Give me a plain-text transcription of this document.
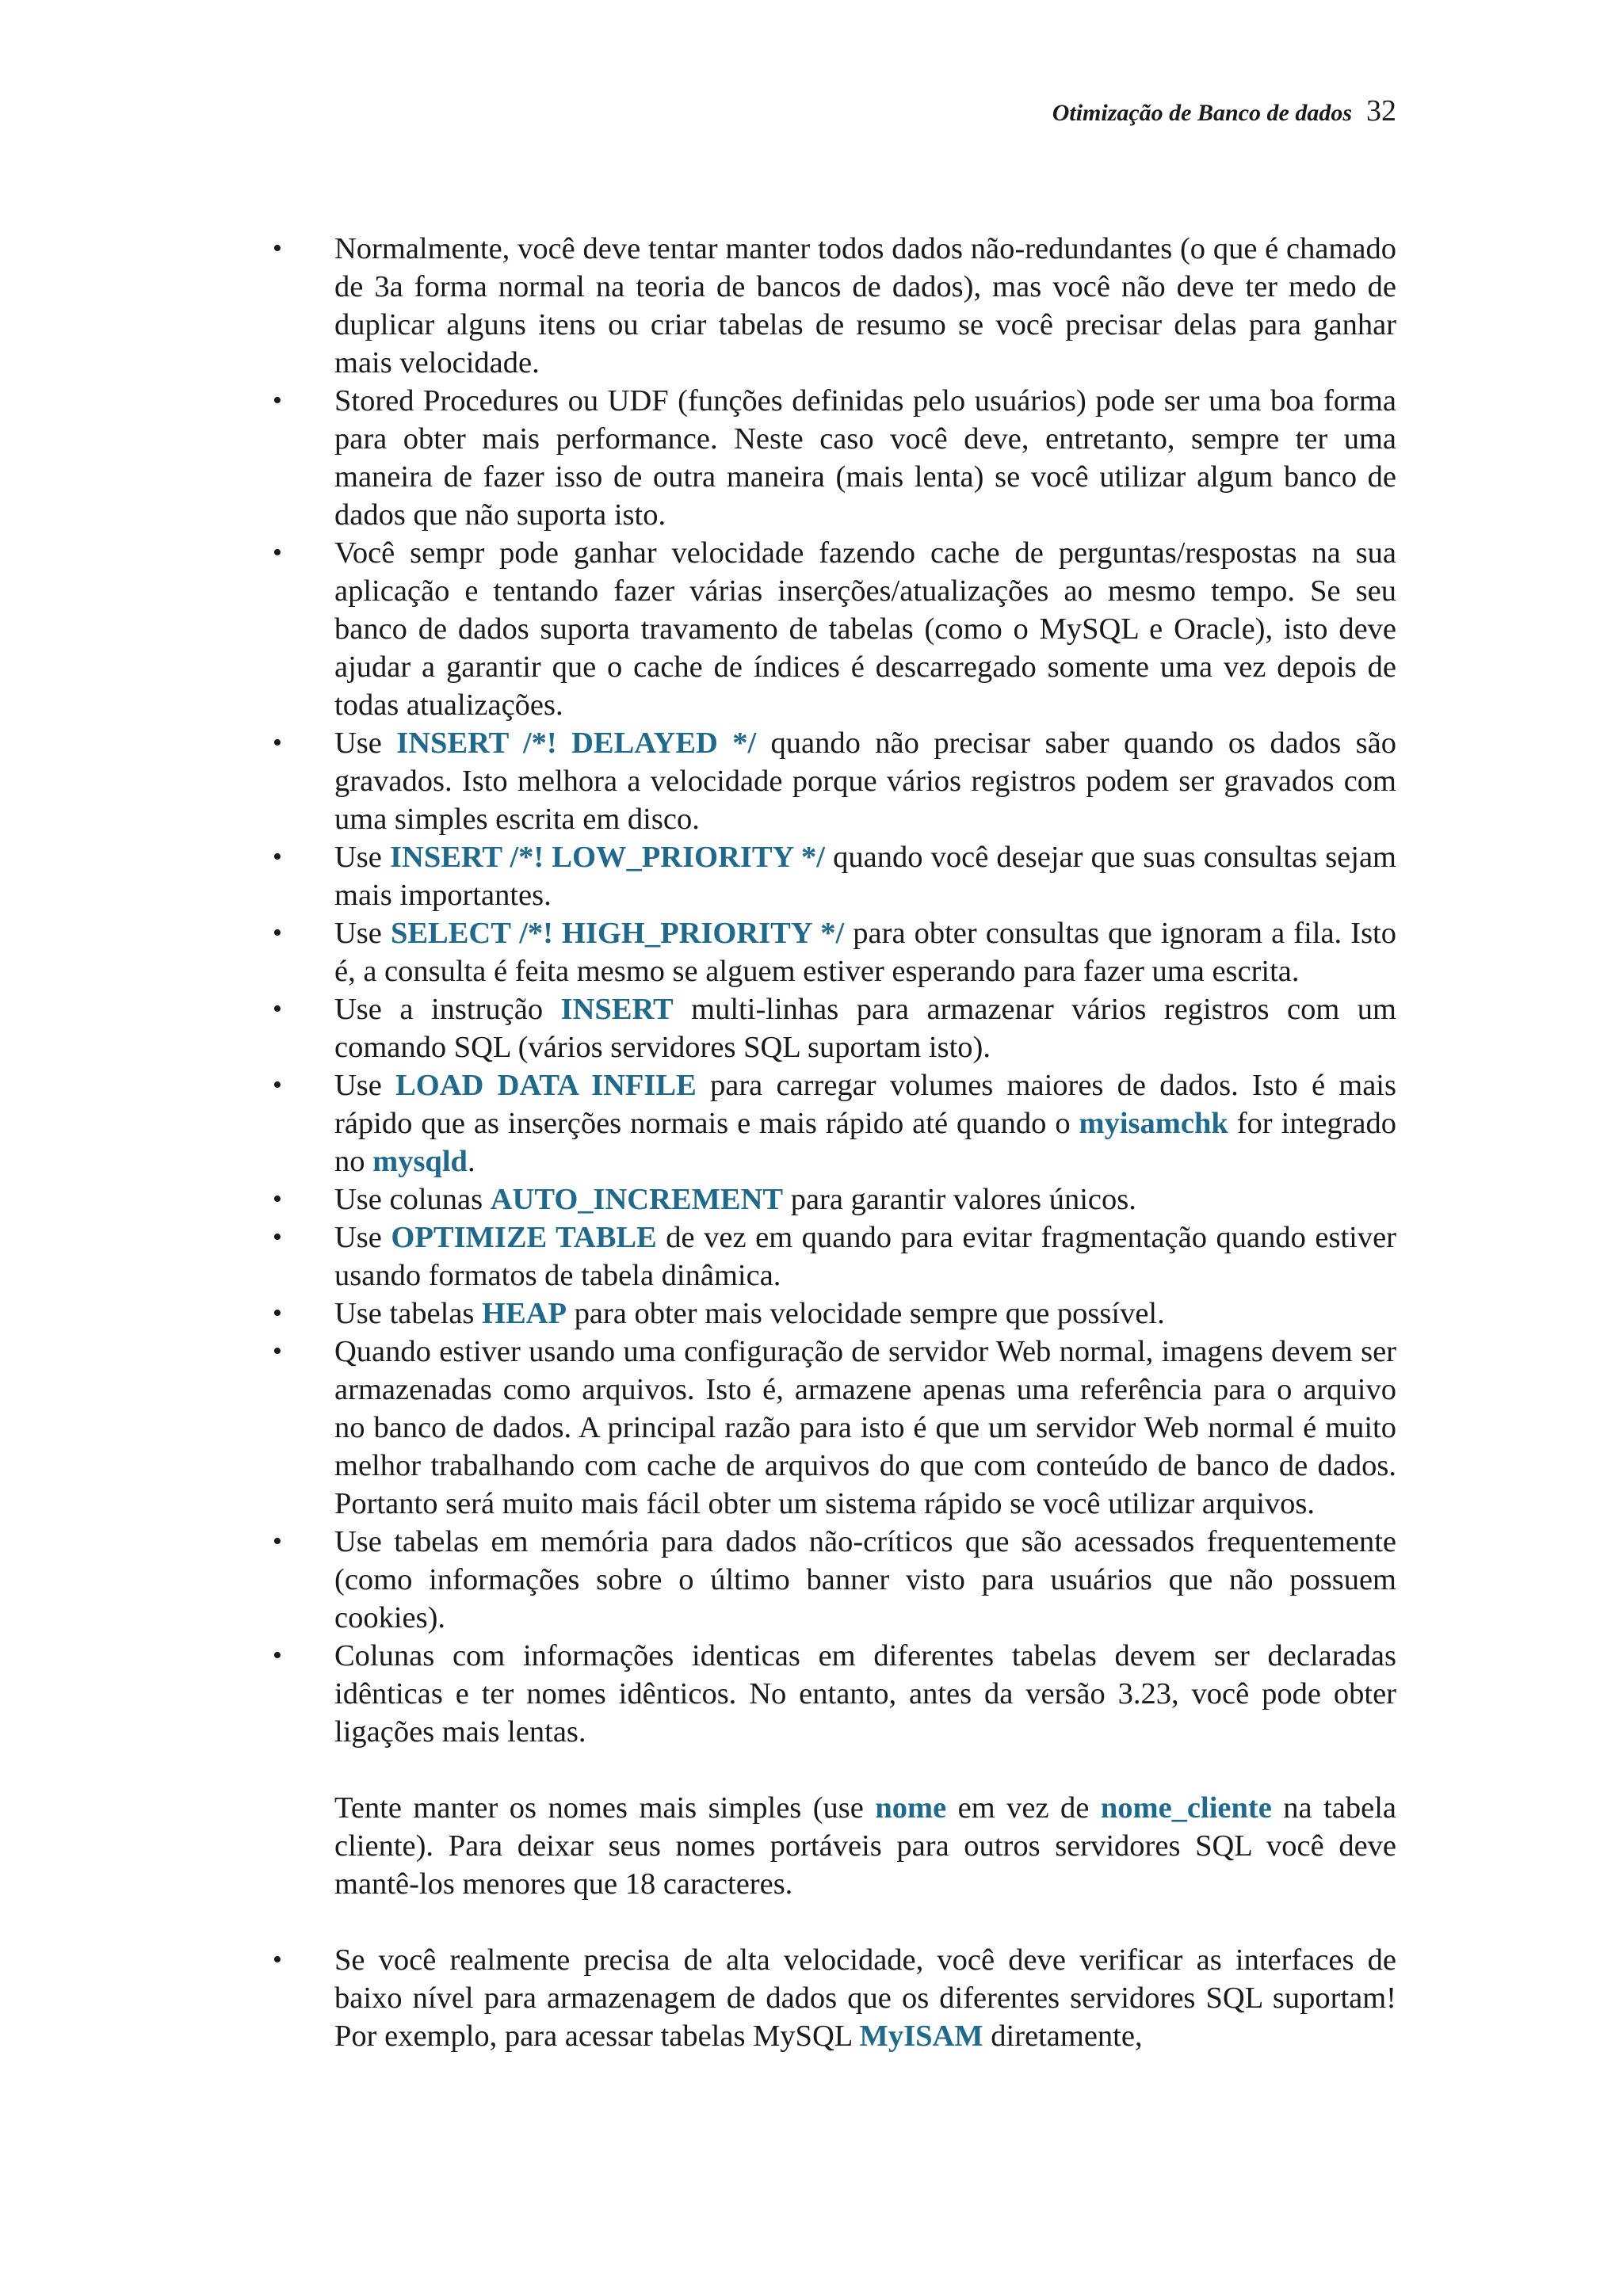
Otimização de Banco de dados 32
•	Normalmente, você deve tentar manter todos dados não-redundantes (o que é chamado de 3a forma normal na teoria de bancos de dados), mas você não deve ter medo de duplicar alguns itens ou criar tabelas de resumo se você precisar delas para ganhar mais velocidade.
•	Stored Procedures ou UDF (funções definidas pelo usuários) pode ser uma boa forma para obter mais performance. Neste caso você deve, entretanto, sempre ter uma maneira de fazer isso de outra maneira (mais lenta) se você utilizar algum banco de dados que não suporta isto.
•	Você sempr pode ganhar velocidade fazendo cache de perguntas/respostas na sua aplicação e tentando fazer várias inserções/atualizações ao mesmo tempo. Se seu banco de dados suporta travamento de tabelas (como o MySQL e Oracle), isto deve ajudar a garantir que o cache de índices é descarregado somente uma vez depois de todas atualizações.
•	Use INSERT /*! DELAYED */ quando não precisar saber quando os dados são gravados. Isto melhora a velocidade porque vários registros podem ser gravados com uma simples escrita em disco.
•	Use INSERT /*! LOW_PRIORITY */ quando você desejar que suas consultas sejam mais importantes.
•	Use SELECT /*! HIGH_PRIORITY */ para obter consultas que ignoram a fila. Isto é, a consulta é feita mesmo se alguem estiver esperando para fazer uma escrita.
•	Use a instrução INSERT multi-linhas para armazenar vários registros com um comando SQL (vários servidores SQL suportam isto).
•	Use LOAD DATA INFILE para carregar volumes maiores de dados. Isto é mais rápido que as inserções normais e mais rápido até quando o myisamchk for integrado no mysqld.
•	Use colunas AUTO_INCREMENT para garantir valores únicos.
•	Use OPTIMIZE TABLE de vez em quando para evitar fragmentação quando estiver usando formatos de tabela dinâmica.
•	Use tabelas HEAP para obter mais velocidade sempre que possível.
•	Quando estiver usando uma configuração de servidor Web normal, imagens devem ser armazenadas como arquivos. Isto é, armazene apenas uma referência para o arquivo no banco de dados. A principal razão para isto é que um servidor Web normal é muito melhor trabalhando com cache de arquivos do que com conteúdo de banco de dados. Portanto será muito mais fácil obter um sistema rápido se você utilizar arquivos.
•	Use tabelas em memória para dados não-críticos que são acessados frequentemente (como informações sobre o último banner visto para usuários que não possuem cookies).
•	Colunas com informações identicas em diferentes tabelas devem ser declaradas idênticas e ter nomes idênticos. No entanto, antes da versão 3.23, você pode obter ligações mais lentas.

Tente manter os nomes mais simples (use nome em vez de nome_cliente na tabela cliente). Para deixar seus nomes portáveis para outros servidores SQL você deve mantê-los menores que 18 caracteres.

•	Se você realmente precisa de alta velocidade, você deve verificar as interfaces de baixo nível para armazenagem de dados que os diferentes servidores SQL suportam! Por exemplo, para acessar tabelas MySQL MyISAM diretamente,
